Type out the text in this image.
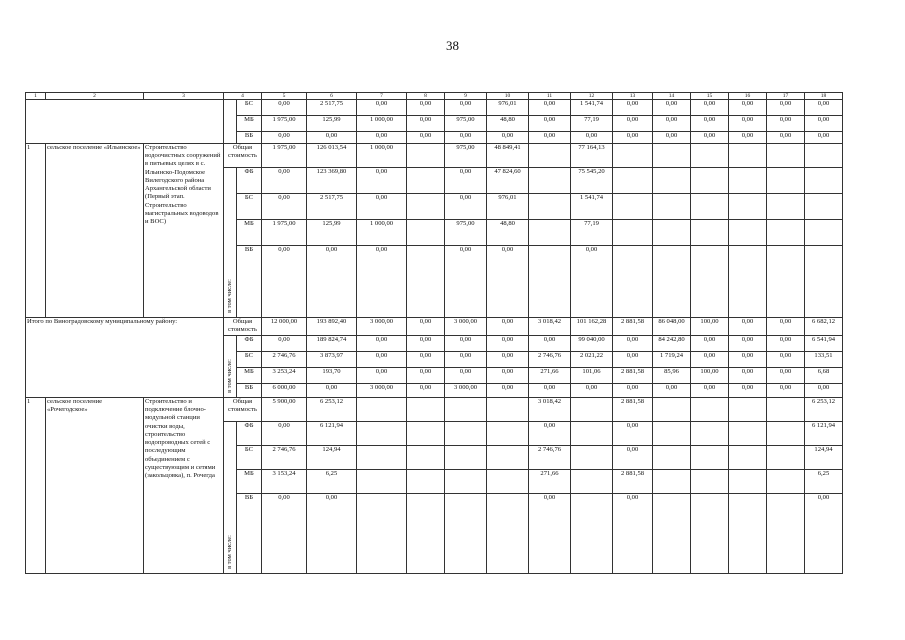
38
1	2	3	4		5	6	7	8	9	10	11	12	13	14	15	16	17	18
				БС	0,00	2 517,75	0,00	0,00	0,00	976,01	0,00	1 541,74	0,00	0,00	0,00	0,00	0,00	0,00
				МБ	1 975,00	125,99	1 000,00	0,00	975,00	48,80	0,00	77,19	0,00	0,00	0,00	0,00	0,00	0,00
				ВБ	0,00	0,00	0,00	0,00	0,00	0,00	0,00	0,00	0,00	0,00	0,00	0,00	0,00	0,00
1	сельское поселение «Ильинское»	Строительство водоочистных сооружений в питьевых целях в с. Ильинско-Подомское Вилегодского района Архангельской области (Первый этап. Строительство магистральных водоводов и ВОС)	Общая стоимость		1 975,00	126 013,54	1 000,00		975,00	48 849,41		77 164,13						

			в том числе:	ФБ	0,00	123 369,80	0,00		0,00	47 824,60		75 545,20						
				БС	0,00	2 517,75	0,00		0,00	976,01		1 541,74						
				МБ	1 975,00	125,99	1 000,00		975,00	48,80		77,19						
				ВБ	0,00	0,00	0,00		0,00	0,00		0,00						
Итого по Виноградовскому муниципальному району:			Общая стоимость		12 000,00	193 892,40	3 000,00	0,00	3 000,00	0,00	3 018,42	101 162,28	2 881,58	86 048,00	100,00	0,00	0,00	6 682,12

			в том числе:	ФБ	0,00	189 824,74	0,00	0,00	0,00	0,00	0,00	99 040,00	0,00	84 242,80	0,00	0,00	0,00	6 541,94
				БС	2 746,76	3 873,97	0,00	0,00	0,00	0,00	2 746,76	2 021,22	0,00	1 719,24	0,00	0,00	0,00	133,51
				МБ	3 253,24	193,70	0,00	0,00	0,00	0,00	271,66	101,06	2 881,58	85,96	100,00	0,00	0,00	6,68
				ВБ	6 000,00	0,00	3 000,00	0,00	3 000,00	0,00	0,00	0,00	0,00	0,00	0,00	0,00	0,00	0,00
1	сельское поселение «Рочегодское»	Строительство и подключение блочно-модульной станции очистки воды, строительство водопроводных сетей с последующим объединением с существующим и сетями (закольцовка), п. Рочегда	Общая стоимость		5 900,00	6 253,12					3 018,42		2 881,58					6 253,12

			в том числе:	ФБ	0,00	6 121,94					0,00		0,00					6 121,94
				БС	2 746,76	124,94					2 746,76		0,00					124,94
				МБ	3 153,24	6,25					271,66		2 881,58					6,25
				ВБ	0,00	0,00					0,00		0,00					0,00
